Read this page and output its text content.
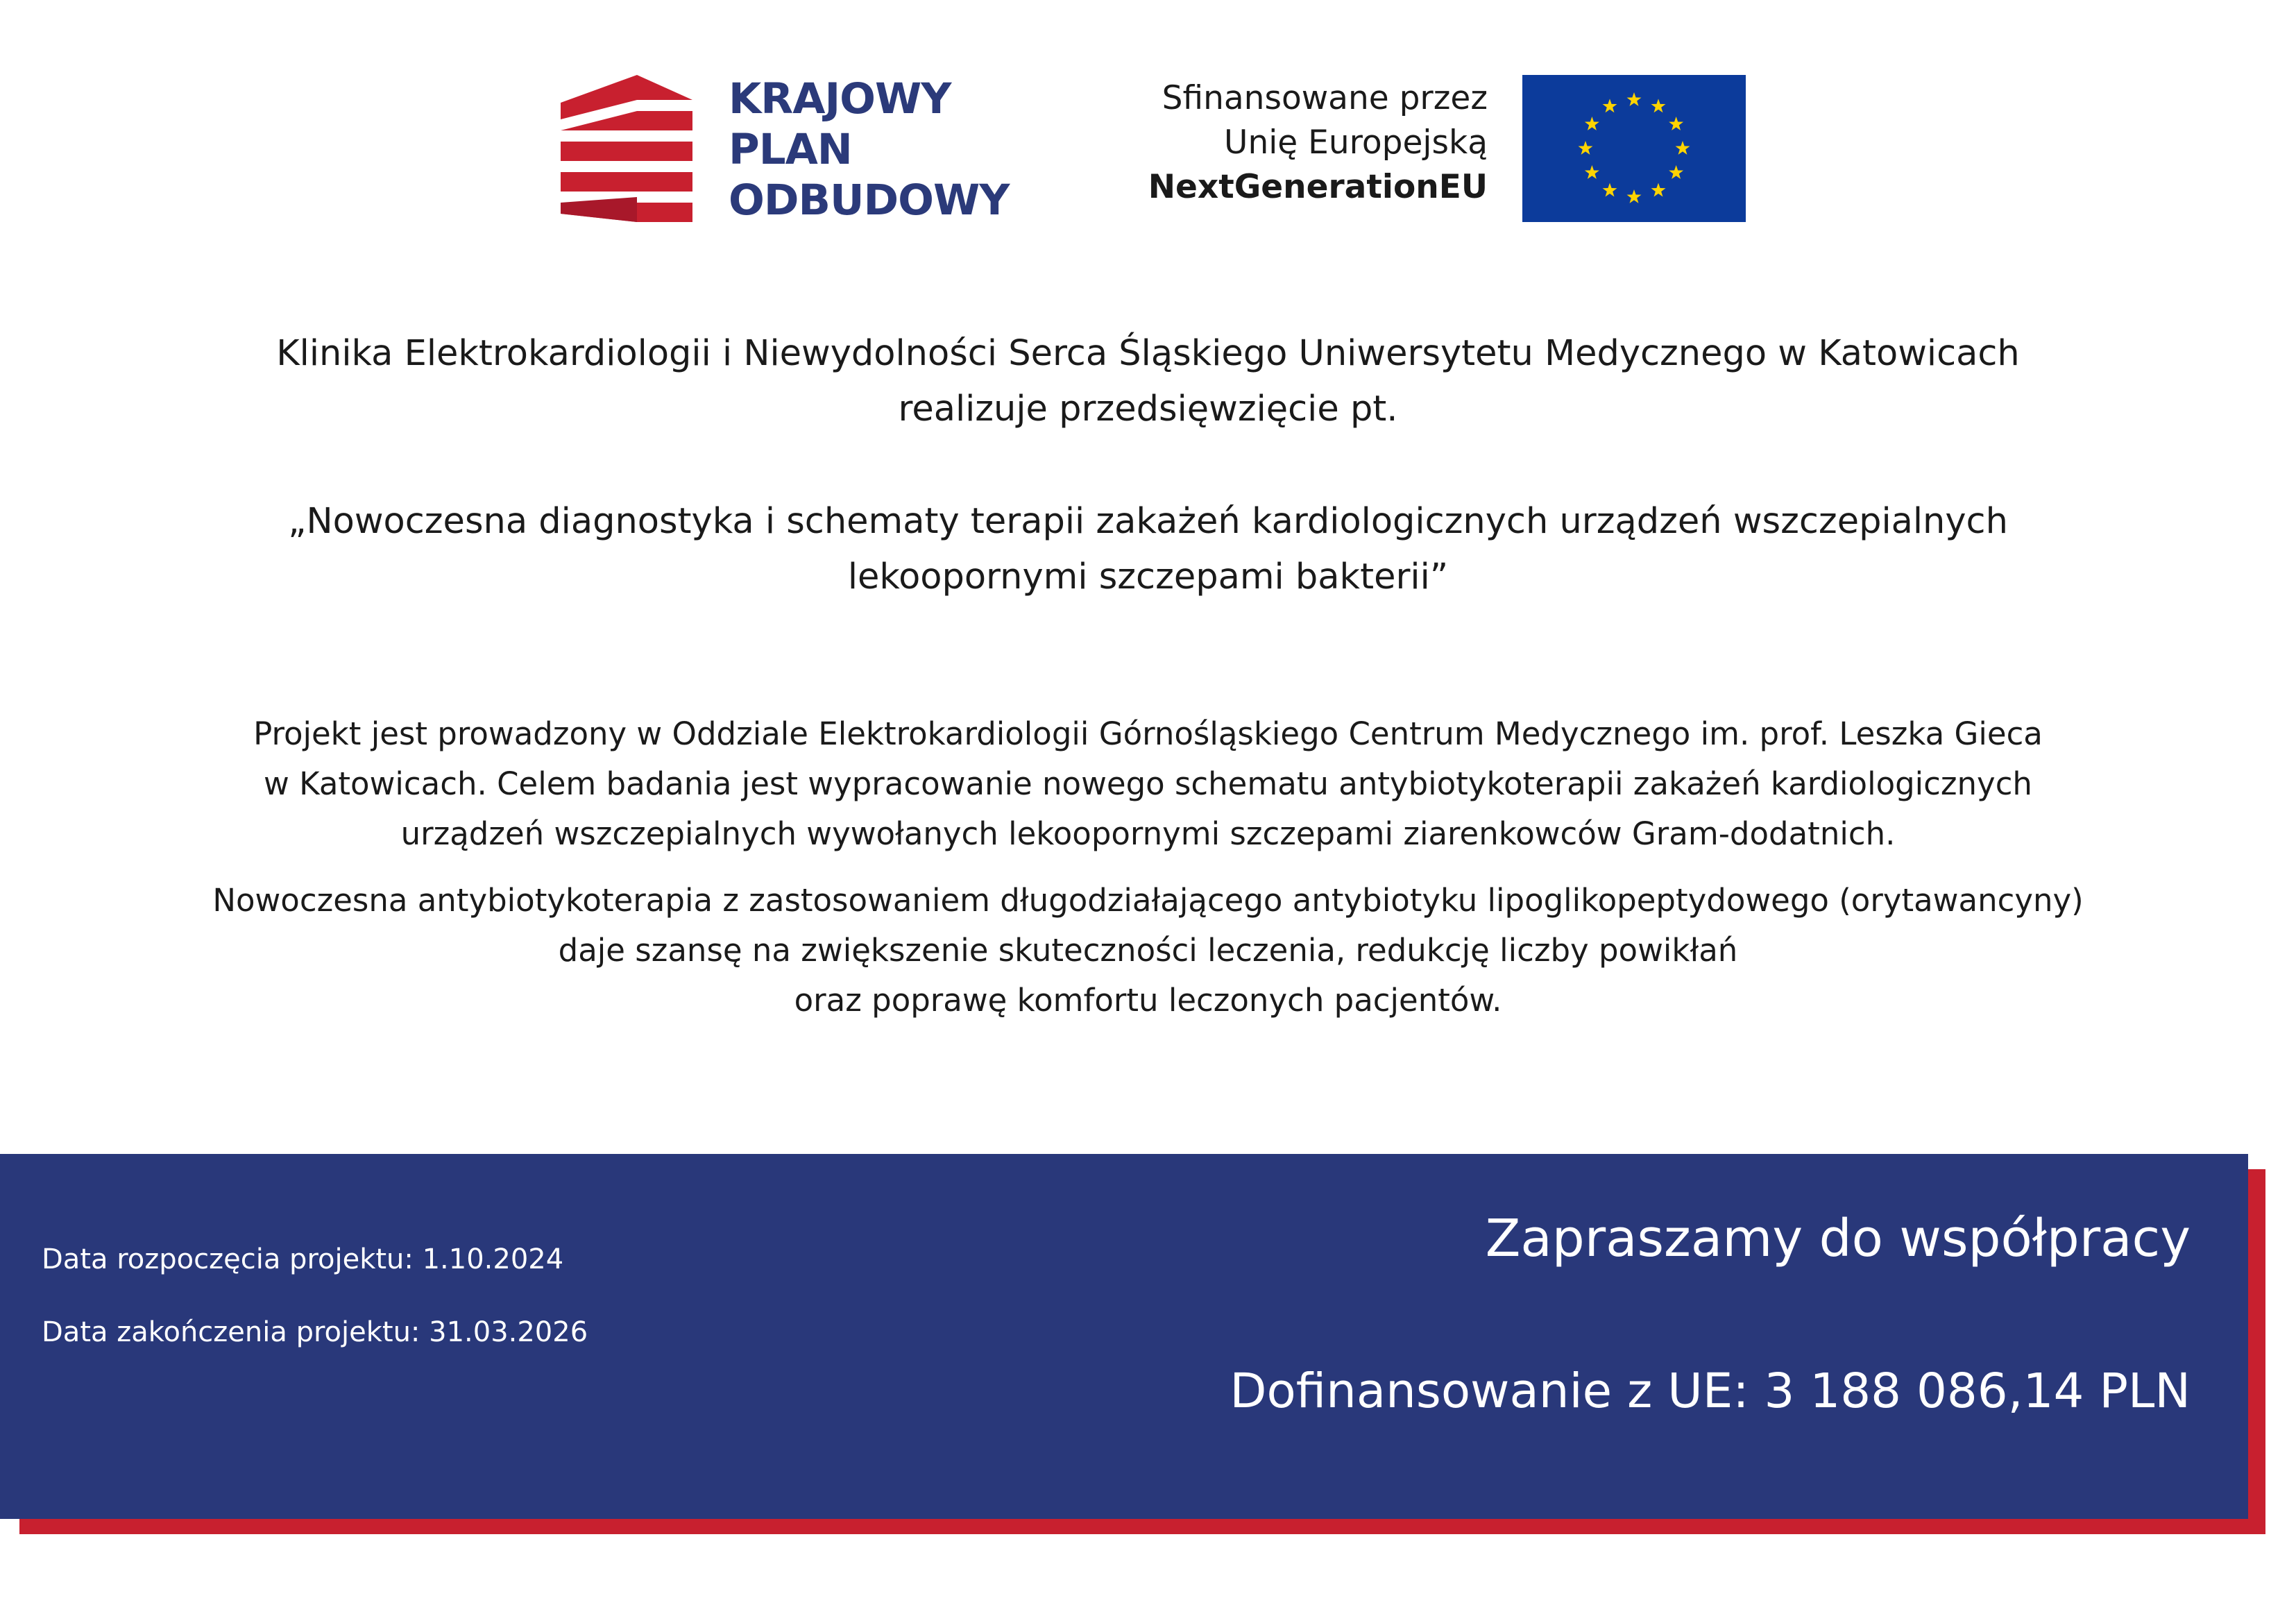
KRAJOWY
PLAN
ODBUDOWY
Sfinansowane przez
Unię Europejską
NextGenerationEU
Klinika Elektrokardiologii i Niewydolności Serca Śląskiego Uniwersytetu Medycznego w Katowicach
realizuje przedsięwzięcie pt.
„Nowoczesna diagnostyka i schematy terapii zakażeń kardiologicznych urządzeń wszczepialnych
lekoopornymi szczepami bakterii”
Projekt jest prowadzony w Oddziale Elektrokardiologii Górnośląskiego Centrum Medycznego im. prof. Leszka Gieca
w Katowicach. Celem badania jest wypracowanie nowego schematu antybiotykoterapii zakażeń kardiologicznych
urządzeń wszczepialnych wywołanych lekoopornymi szczepami ziarenkowców Gram-dodatnich.
Nowoczesna antybiotykoterapia z zastosowaniem długodziałającego antybiotyku lipoglikopeptydowego (orytawancyny)
daje szansę na zwiększenie skuteczności leczenia, redukcję liczby powikłań
oraz poprawę komfortu leczonych pacjentów.
Data rozpoczęcia projektu: 1.10.2024
Data zakończenia projektu: 31.03.2026
Zapraszamy do współpracy
Dofinansowanie z UE: 3 188 086,14 PLN
